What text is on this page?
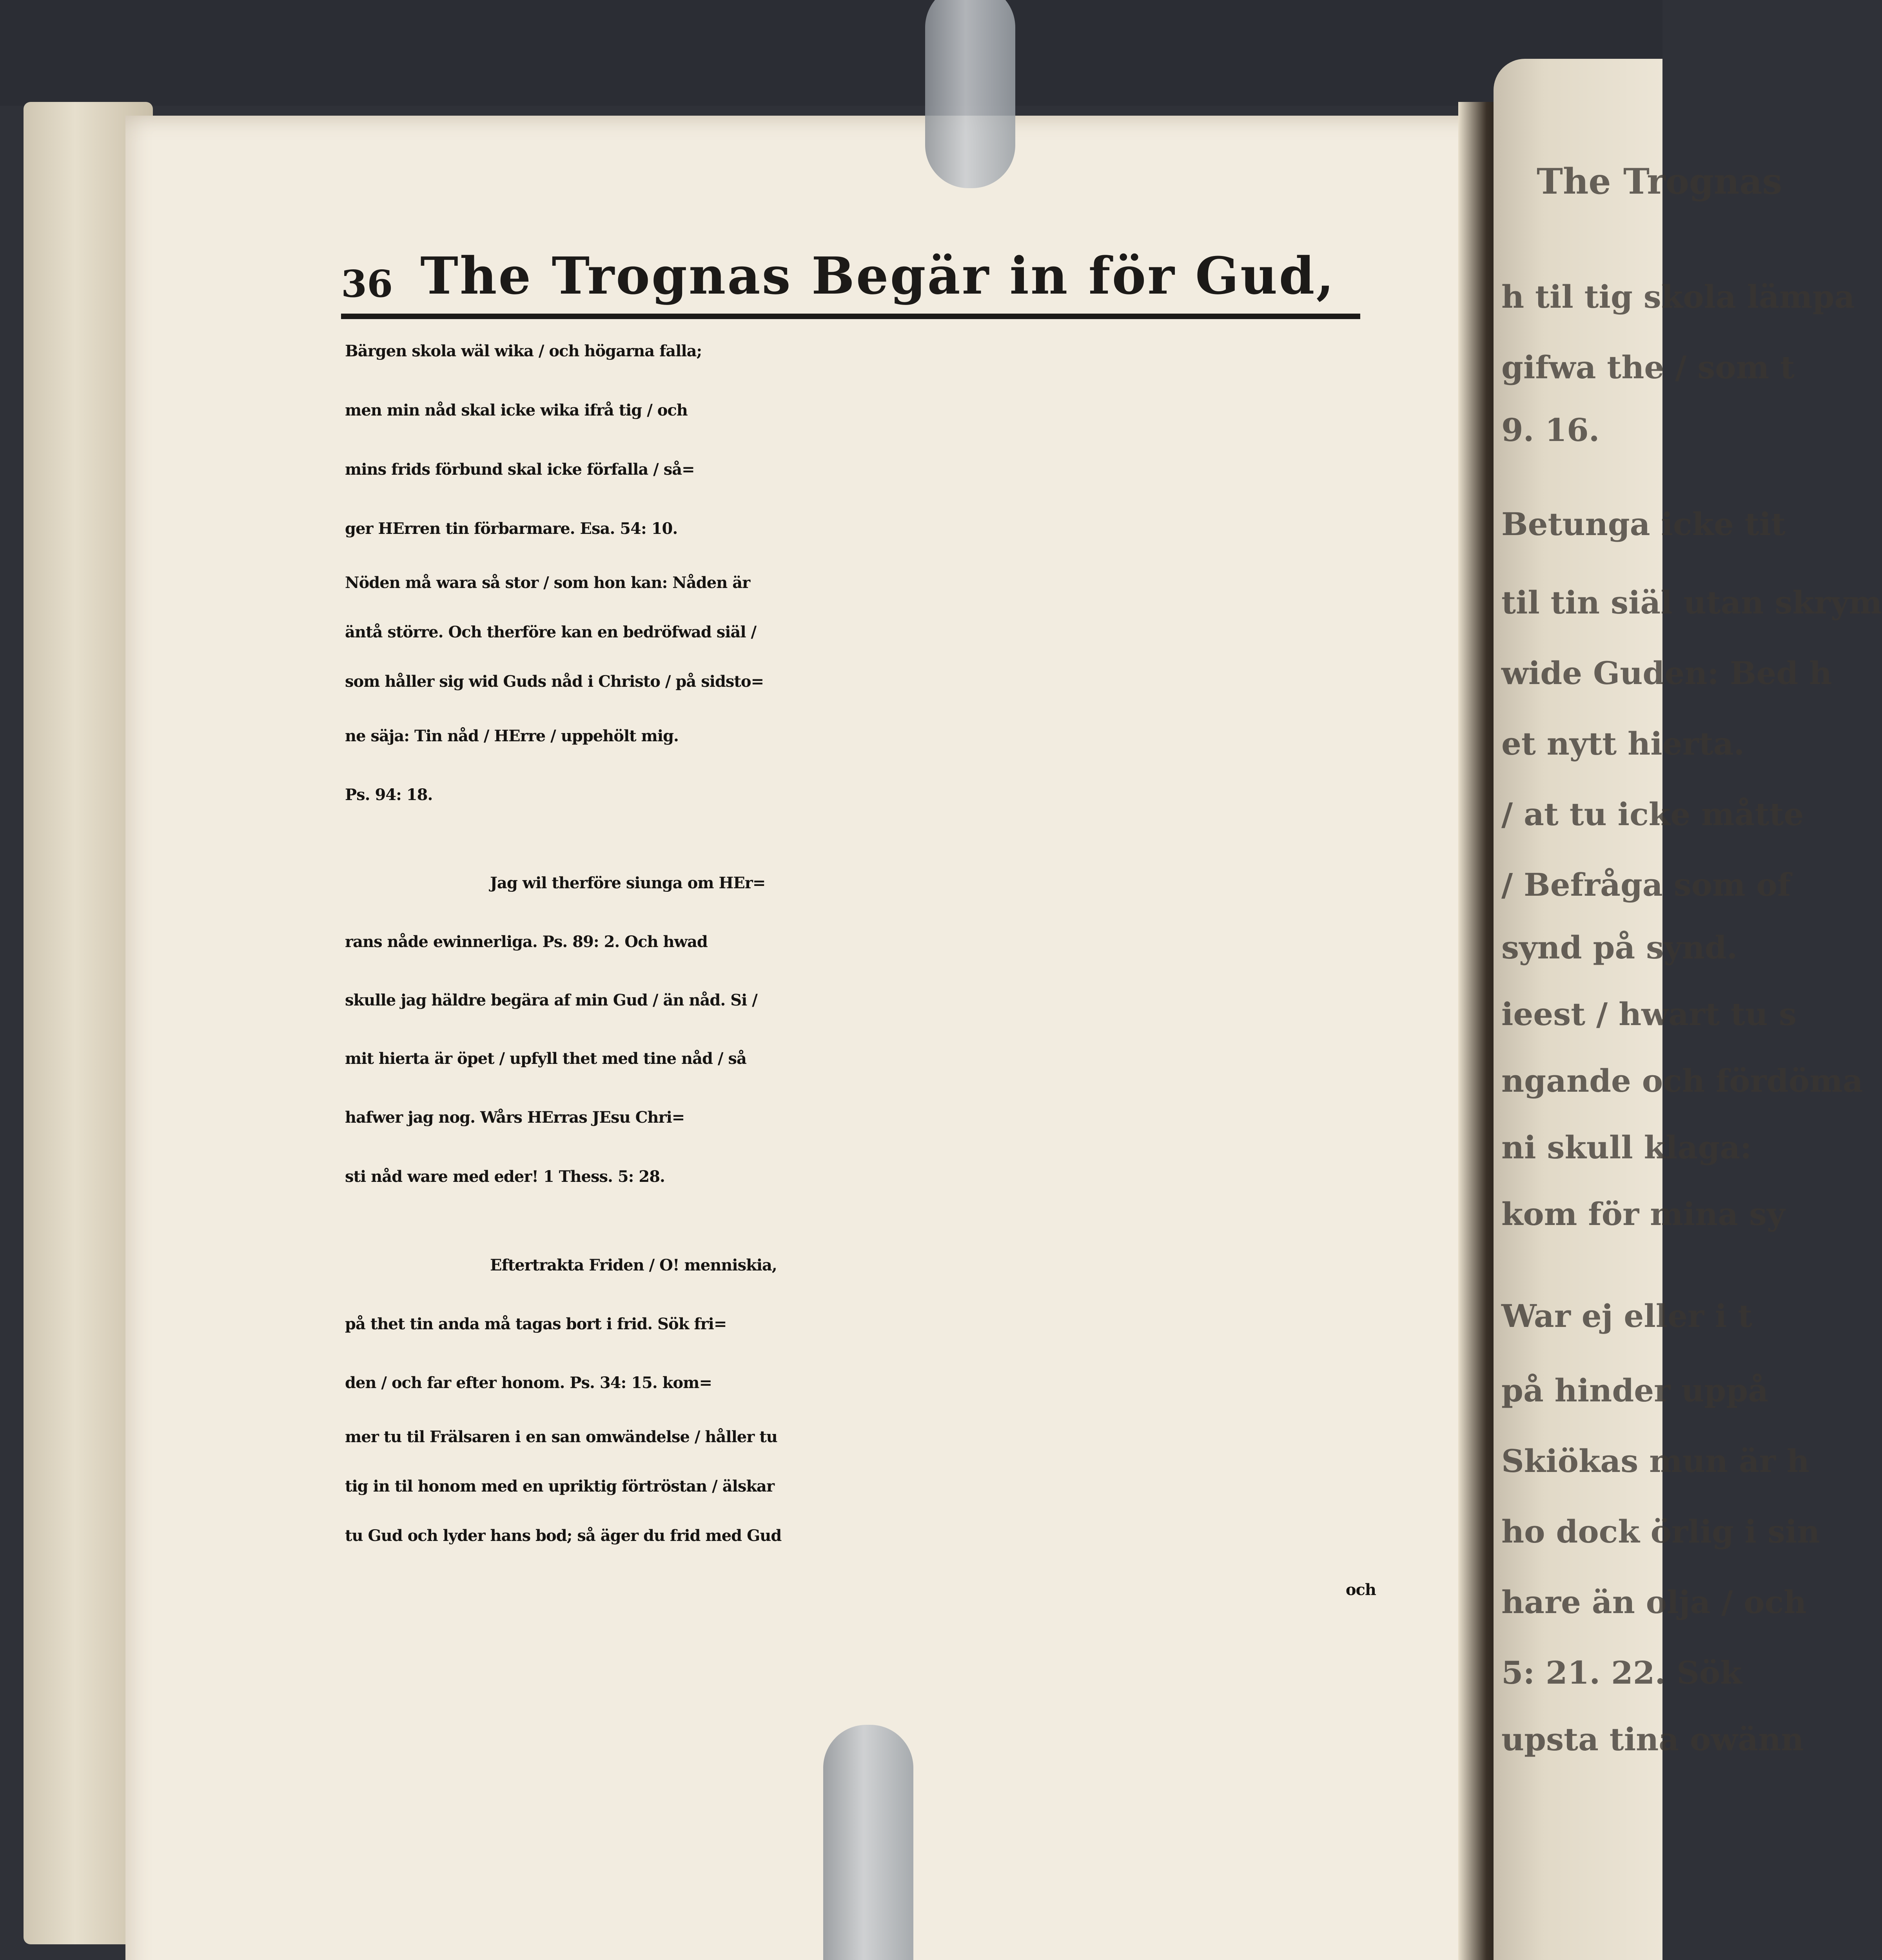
The Trognas
h til tig skola lämpa
gifwa the / som t
9. 16.
Betunga icke tit
til tin siäl utan skrym
wide Guden: Bed h
et nytt hierta.
/ at tu icke måtte
/ Befråga som of
synd på synd.
ieest / hwart tu s
ngande och fördöma
ni skull klaga:
kom för mina sy
War ej eller i t
på hinder uppå
Skiökas mun är h
ho dock örlig i sin
hare än olja / och
5: 21. 22. Sök
upsta tina owänn
36 The Trognas Begär in för Gud,
Bärgen skola wäl wika / och högarna falla;
men min nåd skal icke wika ifrå tig / och
mins frids förbund skal icke förfalla / så=
ger HErren tin förbarmare. Esa. 54: 10.
Nöden må wara så stor / som hon kan: Nåden är
äntå större. Och therföre kan en bedröfwad siäl /
som håller sig wid Guds nåd i Christo / på sidsto=
ne säja: Tin nåd / HErre / uppehölt mig.
Ps. 94: 18.
Jag wil therföre siunga om HEr=
rans nåde ewinnerliga. Ps. 89: 2. Och hwad
skulle jag häldre begära af min Gud / än nåd. Si /
mit hierta är öpet / upfyll thet med tine nåd / så
hafwer jag nog. Wårs HErras JEsu Chri=
sti nåd ware med eder! 1 Thess. 5: 28.
Eftertrakta Friden / O! menniskia,
på thet tin anda må tagas bort i frid. Sök fri=
den / och far efter honom. Ps. 34: 15. kom=
mer tu til Frälsaren i en san omwändelse / håller tu
tig in til honom med en upriktig förtröstan / älskar
tu Gud och lyder hans bod; så äger du frid med Gud
och
